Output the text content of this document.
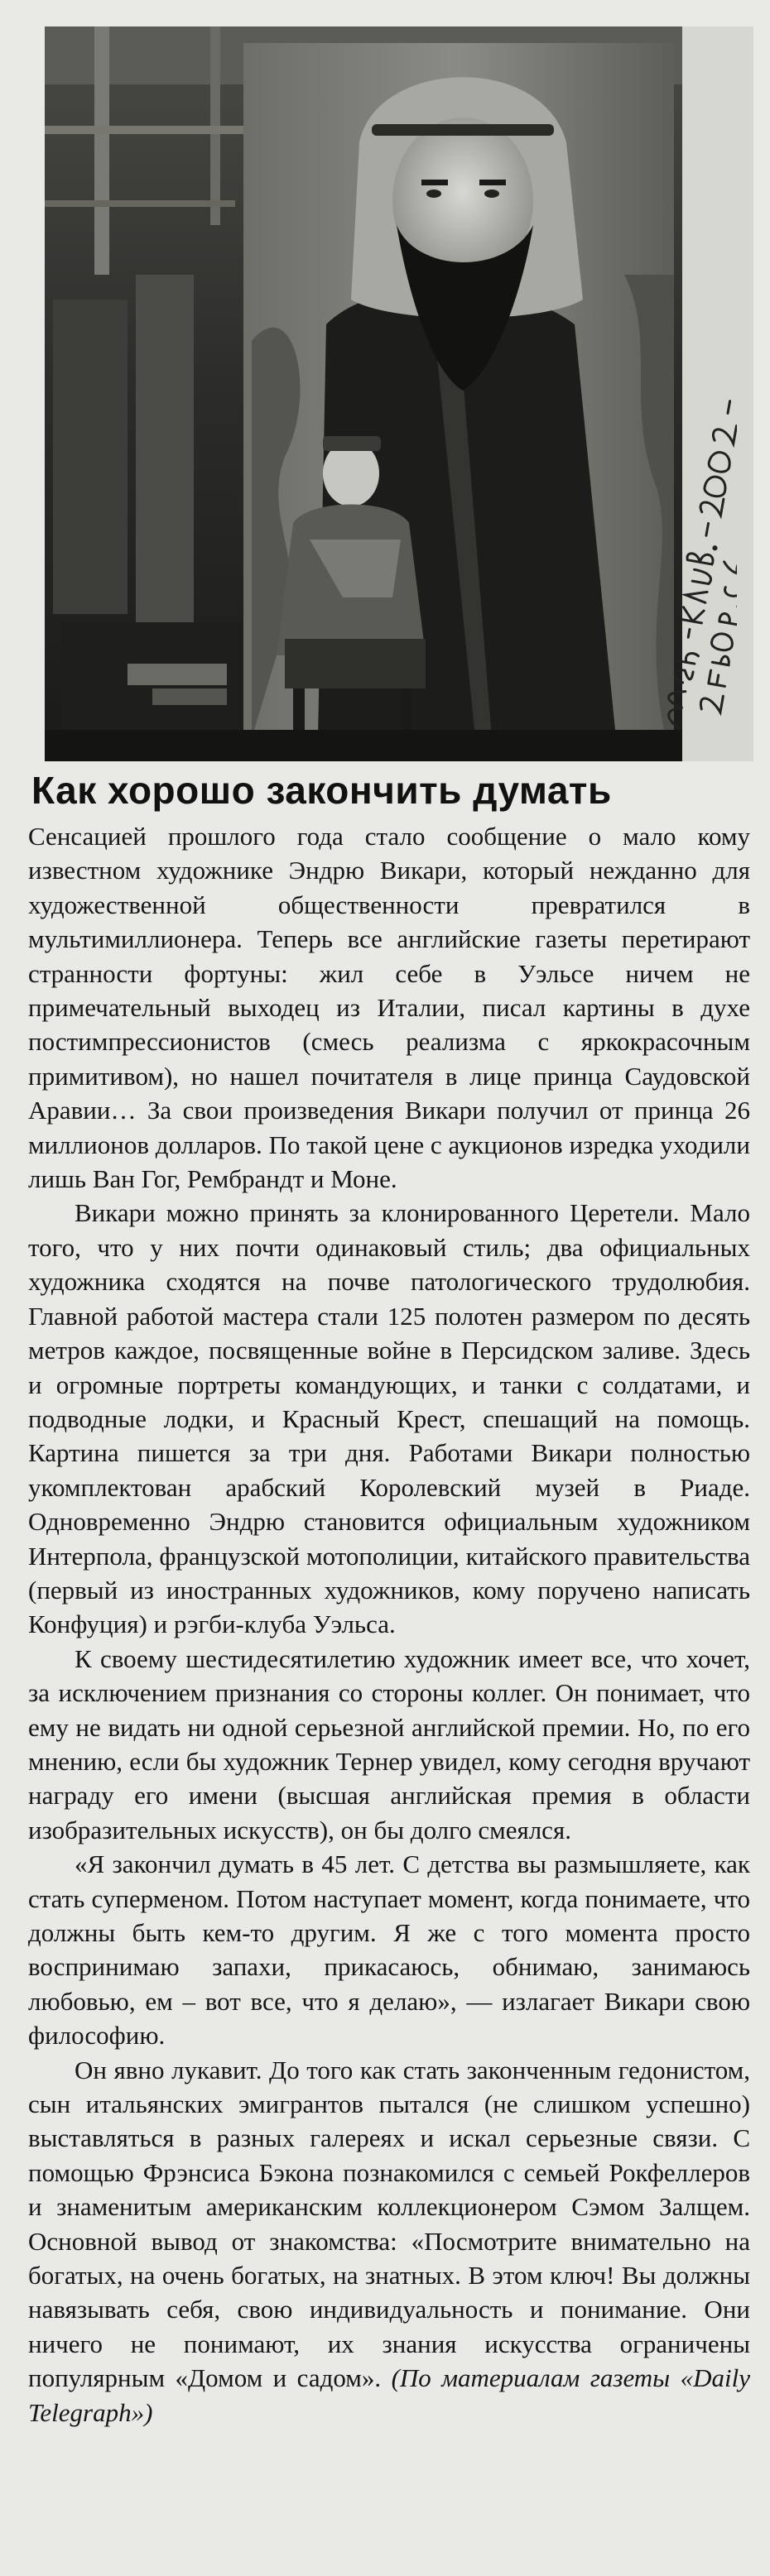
Как хорошо закончить думать

Сенсацией прошлого года стало сообщение о мало кому известном художнике Эндрю Викари, который нежданно для художественной общественности превратился в мультимиллионера. Теперь все английские газеты перетирают странности фортуны: жил себе в Уэльсе ничем не примечательный выходец из Италии, писал картины в духе постимпрессионистов (смесь реализма с яркокрасочным примитивом), но нашел почитателя в лице принца Саудовской Аравии… За свои произведения Викари получил от принца 26 миллионов долларов. По такой цене с аукционов изредка уходили лишь Ван Гог, Рембрандт и Моне.

Викари можно принять за клонированного Церетели. Мало того, что у них почти одинаковый стиль; два официальных художника сходятся на почве патологического трудолюбия. Главной работой мастера стали 125 полотен размером по десять метров каждое, посвященные войне в Персидском заливе. Здесь и огромные портреты командующих, и танки с солдатами, и подводные лодки, и Красный Крест, спешащий на помощь. Картина пишется за три дня. Работами Викари полностью укомплектован арабский Королевский музей в Риаде. Одновременно Эндрю становится официальным художником Интерпола, французской мотополиции, китайского правительства (первый из иностранных художников, кому поручено написать Конфуция) и рэгби-клуба Уэльса.

К своему шестидесятилетию художник имеет все, что хочет, за исключением признания со стороны коллег. Он понимает, что ему не видать ни одной серьезной английской премии. Но, по его мнению, если бы художник Тернер увидел, кому сегодня вручают награду его имени (высшая английская премия в области изобразительных искусств), он бы долго смеялся.

«Я закончил думать в 45 лет. С детства вы размышляете, как стать суперменом. Потом наступает момент, когда понимаете, что должны быть кем-то другим. Я же с того момента просто воспринимаю запахи, прикасаюсь, обнимаю, занимаюсь любовью, ем – вот все, что я делаю», — излагает Викари свою философию.

Он явно лукавит. До того как стать законченным гедонистом, сын итальянских эмигрантов пытался (не слишком успешно) выставляться в разных галереях и искал серьезные связи. С помощью Фрэнсиса Бэкона познакомился с семьей Рокфеллеров и знаменитым американским коллекционером Сэмом Залщем. Основной вывод от знакомства: «Посмотрите внимательно на богатых, на очень богатых, на знатных. В этом ключ! Вы должны навязывать себя, свою индивидуальность и понимание. Они ничего не понимают, их знания искусства ограничены популярным «Домом и садом». (По материалам газеты «Daily Telegraph»)
